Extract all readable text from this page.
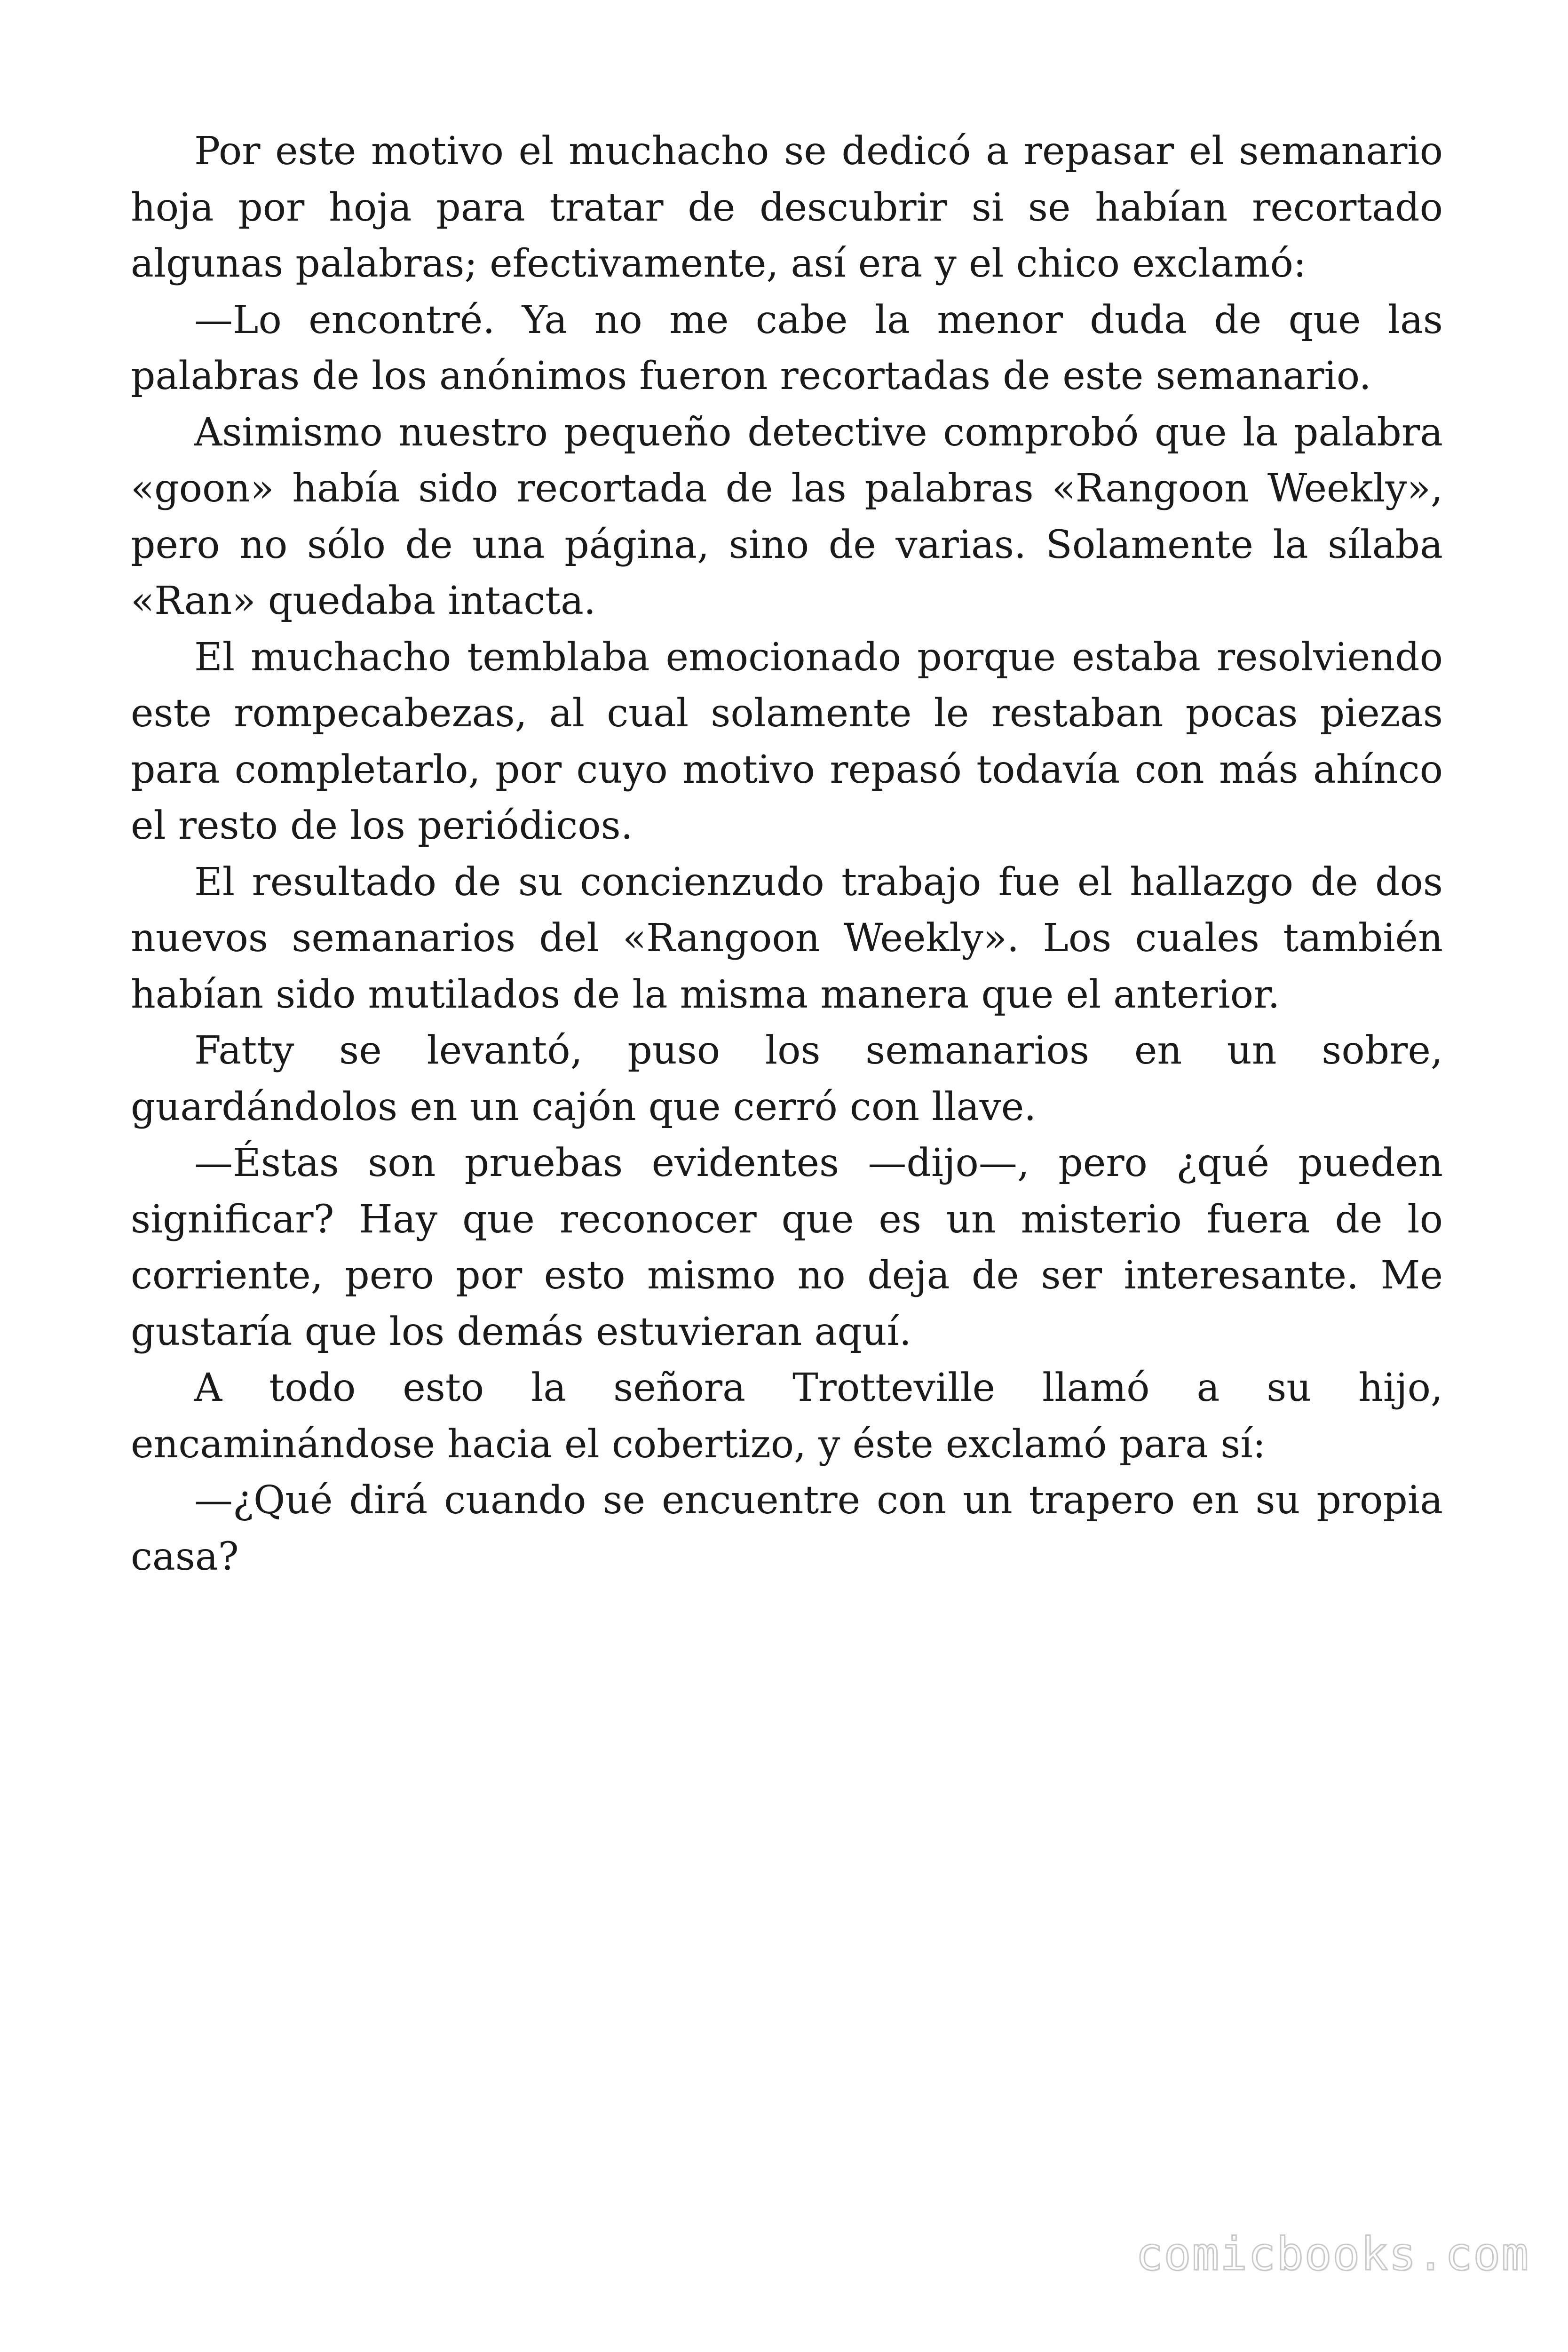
Por este motivo el muchacho se dedicó a repasar el semanario hoja por hoja para tratar de descubrir si se habían recortado algunas palabras; efectivamente, así era y el chico exclamó:

—Lo encontré. Ya no me cabe la menor duda de que las palabras de los anónimos fueron recortadas de este semanario.

Asimismo nuestro pequeño detective comprobó que la palabra «goon» había sido recortada de las palabras «Rangoon Weekly», pero no sólo de una página, sino de varias. Solamente la sílaba «Ran» quedaba intacta.

El muchacho temblaba emocionado porque estaba resolviendo este rompecabezas, al cual solamente le restaban pocas piezas para completarlo, por cuyo motivo repasó todavía con más ahínco el resto de los periódicos.

El resultado de su concienzudo trabajo fue el hallazgo de dos nuevos semanarios del «Rangoon Weekly». Los cuales también habían sido mutilados de la misma manera que el anterior.

Fatty se levantó, puso los semanarios en un sobre, guardándolos en un cajón que cerró con llave.

—Éstas son pruebas evidentes —dijo—, pero ¿qué pueden significar? Hay que reconocer que es un misterio fuera de lo corriente, pero por esto mismo no deja de ser interesante. Me gustaría que los demás estuvieran aquí.

A todo esto la señora Trotteville llamó a su hijo, encaminándose hacia el cobertizo, y éste exclamó para sí:

—¿Qué dirá cuando se encuentre con un trapero en su propia casa?

comicbooks.com
